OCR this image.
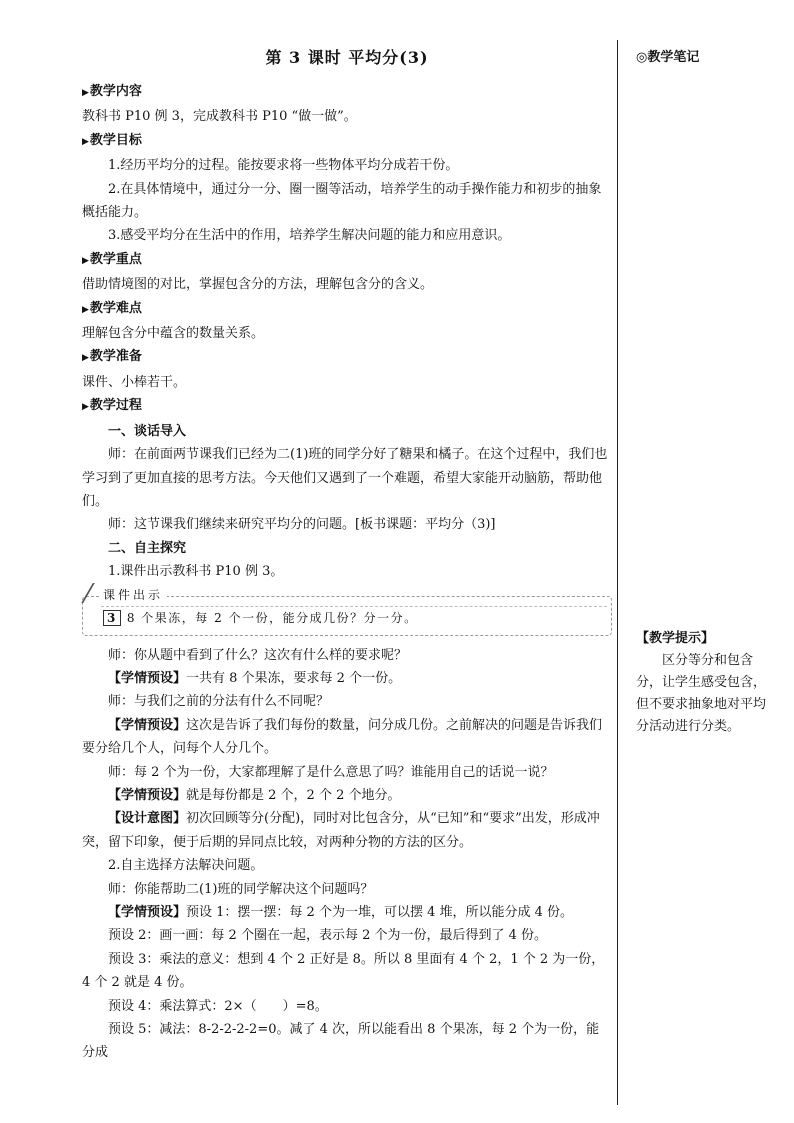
第 3 课时 平均分(3)

▶教学内容

教科书 P10 例 3，完成教科书 P10 “做一做”。

▶教学目标

1.经历平均分的过程。能按要求将一些物体平均分成若干份。

2.在具体情境中，通过分一分、圈一圈等活动，培养学生的动手操作能力和初步的抽象概括能力。

3.感受平均分在生活中的作用，培养学生解决问题的能力和应用意识。

▶教学重点

借助情境图的对比，掌握包含分的方法，理解包含分的含义。

▶教学难点

理解包含分中蕴含的数量关系。

▶教学准备

课件、小棒若干。

▶教学过程

一、谈话导入

师：在前面两节课我们已经为二(1)班的同学分好了糖果和橘子。在这个过程中，我们也学习到了更加直接的思考方法。今天他们又遇到了一个难题，希望大家能开动脑筋，帮助他们。

师：这节课我们继续来研究平均分的问题。[板书课题：平均分（3)]

二、自主探究

1.课件出示教科书 P10 例 3。

课件出示
3 8 个果冻，每 2 个一份，能分成几份？分一分。

师：你从题中看到了什么？这次有什么样的要求呢？

【学情预设】一共有 8 个果冻，要求每 2 个一份。

师：与我们之前的分法有什么不同呢？

【学情预设】这次是告诉了我们每份的数量，问分成几份。之前解决的问题是告诉我们要分给几个人，问每个人分几个。

师：每 2 个为一份，大家都理解了是什么意思了吗？谁能用自己的话说一说？

【学情预设】就是每份都是 2 个，2 个 2 个地分。

【设计意图】初次回顾等分(分配)，同时对比包含分，从“已知”和“要求”出发，形成冲突，留下印象，便于后期的异同点比较，对两种分物的方法的区分。

2.自主选择方法解决问题。

师：你能帮助二(1)班的同学解决这个问题吗？

【学情预设】预设 1：摆一摆：每 2 个为一堆，可以摆 4 堆，所以能分成 4 份。

预设 2：画一画：每 2 个圈在一起，表示每 2 个为一份，最后得到了 4 份。

预设 3：乘法的意义：想到 4 个 2 正好是 8。所以 8 里面有 4 个 2，1 个 2 为一份，4 个 2 就是 4 份。

预设 4：乘法算式：2×（　　）=8。

预设 5：减法：8-2-2-2-2=0。减了 4 次，所以能看出 8 个果冻，每 2 个为一份，能分成

◎教学笔记
【教学提示】
区分等分和包含分，让学生感受包含，但不要求抽象地对平均分活动进行分类。
